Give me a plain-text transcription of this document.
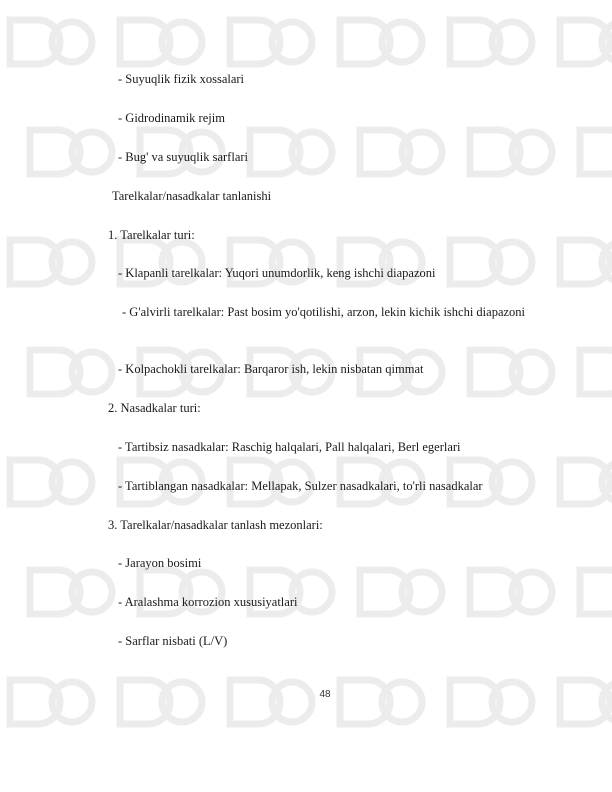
- Suyuqlik fizik xossalari
- Gidrodinamik rejim
- Bug' va suyuqlik sarflari
Tarelkalar/nasadkalar tanlanishi
1. Tarelkalar turi:
- Klapanli tarelkalar: Yuqori unumdorlik, keng ishchi diapazoni
- G'alvirli tarelkalar: Past bosim yo'qotilishi, arzon, lekin kichik ishchi diapazoni
- Kolpachokli tarelkalar: Barqaror ish, lekin nisbatan qimmat
2. Nasadkalar turi:
- Tartibsiz nasadkalar: Raschig halqalari, Pall halqalari, Berl egerlari
- Tartiblangan nasadkalar: Mellapak, Sulzer nasadkalari, to'rli nasadkalar
3. Tarelkalar/nasadkalar tanlash mezonlari:
- Jarayon bosimi
- Aralashma korrozion xususiyatlari
- Sarflar nisbati (L/V)
48
